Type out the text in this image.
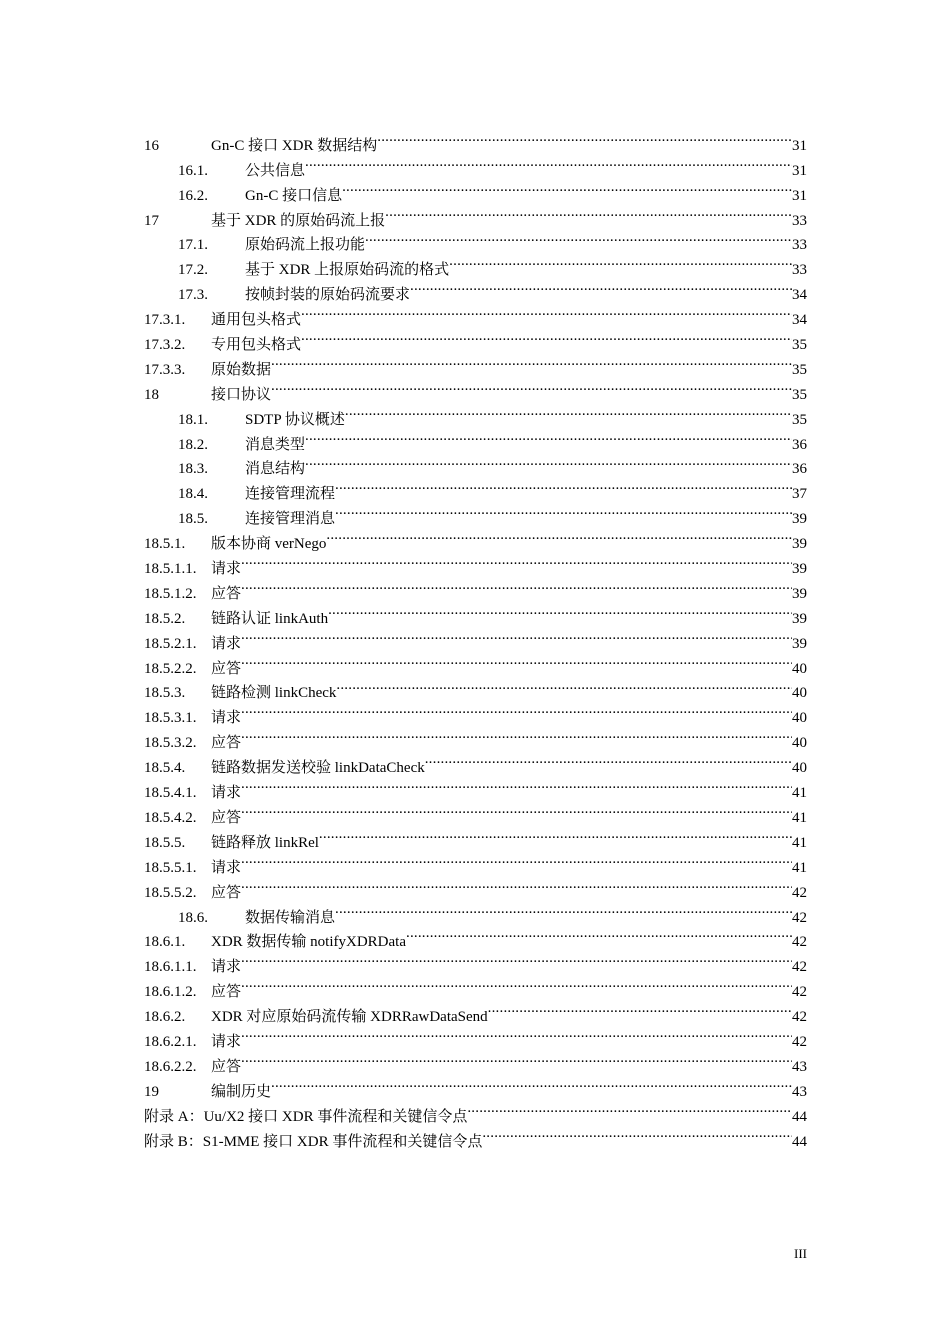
16	Gn-C 接口 XDR 数据结构 .....	31
16.1.	公共信息 .....	31
16.2.	Gn-C 接口信息 .....	31
17	基于 XDR 的原始码流上报 .....	33
17.1.	原始码流上报功能 .....	33
17.2.	基于 XDR 上报原始码流的格式 .....	33
17.3.	按帧封装的原始码流要求 .....	34
17.3.1.	通用包头格式 .....	34
17.3.2.	专用包头格式 .....	35
17.3.3.	原始数据 .....	35
18	接口协议 .....	35
18.1.	SDTP 协议概述 .....	35
18.2.	消息类型 .....	36
18.3.	消息结构 .....	36
18.4.	连接管理流程 .....	37
18.5.	连接管理消息 .....	39
18.5.1.	版本协商 verNego .....	39
18.5.1.1. 请求 .....	39
18.5.1.2. 应答 .....	39
18.5.2.	链路认证 linkAuth .....	39
18.5.2.1. 请求 .....	39
18.5.2.2. 应答 .....	40
18.5.3.	链路检测 linkCheck .....	40
18.5.3.1. 请求 .....	40
18.5.3.2. 应答 .....	40
18.5.4.	链路数据发送校验 linkDataCheck .....	40
18.5.4.1. 请求 .....	41
18.5.4.2. 应答 .....	41
18.5.5.	链路释放 linkRel .....	41
18.5.5.1. 请求 .....	41
18.5.5.2. 应答 .....	42
18.6.	数据传输消息 .....	42
18.6.1.	XDR 数据传输 notifyXDRData .....	42
18.6.1.1. 请求 .....	42
18.6.1.2. 应答 .....	42
18.6.2.	XDR 对应原始码流传输 XDRRawDataSend .....	42
18.6.2.1. 请求 .....	42
18.6.2.2. 应答 .....	43
19	编制历史 .....	43
附录 A：Uu/X2 接口 XDR 事件流程和关键信令点 .....	44
附录 B：S1-MME 接口 XDR 事件流程和关键信令点 .....	44
III
